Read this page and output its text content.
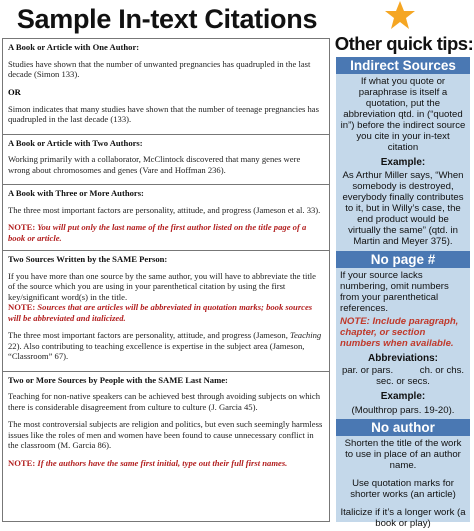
Sample In-text Citations
Other quick tips:

A Book or Article with One Author:

Studies have shown that the number of unwanted pregnancies has quadrupled in the last decade (Simon 133).

OR

Simon indicates that many studies have shown that the number of teenage pregnancies has quadrupled in the last decade (133).

A Book or Article with Two Authors:

Working primarily with a collaborator, McClintock discovered that many genes were wrong about chromosomes and genes (Vare and Hoffman 236).

A Book with Three or More Authors:

The three most important factors are personality, attitude, and progress (Jameson et al. 33).

NOTE: You will put only the last name of the first author listed on the title page of a book or article.

Two Sources Written by the SAME Person:

If you have more than one source by the same author, you will have to abbreviate the title of the source which you are using in your parenthetical citation by using the first key/significant word(s) in the title.

NOTE: Sources that are articles will be abbreviated in quotation marks; book sources will be abbreviated and italicized.

The three most important factors are personality, attitude, and progress (Jameson, Teaching 22). Also contributing to teaching excellence is expertise in the subject area (Jameson, “Classroom” 67).

Two or More Sources by People with the SAME Last Name:

Teaching for non-native speakers can be achieved best through avoiding subjects on which there is considerable disagreement from culture to culture (J. Garcia 45).

The most controversial subjects are religion and politics, but even such seemingly harmless issues like the roles of men and women have been found to cause unnecessary conflict in the classroom (M. Garcia 86).

NOTE: If the authors have the same first initial, type out their full first names.

Indirect Sources
If what you quote or paraphrase is itself a quotation, put the abbreviation qtd. in (“quoted in”) before the indirect source you cite in your in-text citation
Example:
As Arthur Miller says, “When somebody is destroyed, everybody finally contributes to it, but in Willy’s case, the end product would be virtually the same” (qtd. in Martin and Meyer 375).
No page #
If your source lacks numbering, omit numbers from your parenthetical references.
NOTE: Include paragraph, chapter, or section numbers when available.
Abbreviations:
par. or pars.          ch. or chs.  sec. or secs.
Example:
(Moulthrop pars. 19-20).
No author
Shorten the title of the work to use in place of an author name.
Use quotation marks for shorter works (an article)
Italicize if it’s a longer work (a book or play)
